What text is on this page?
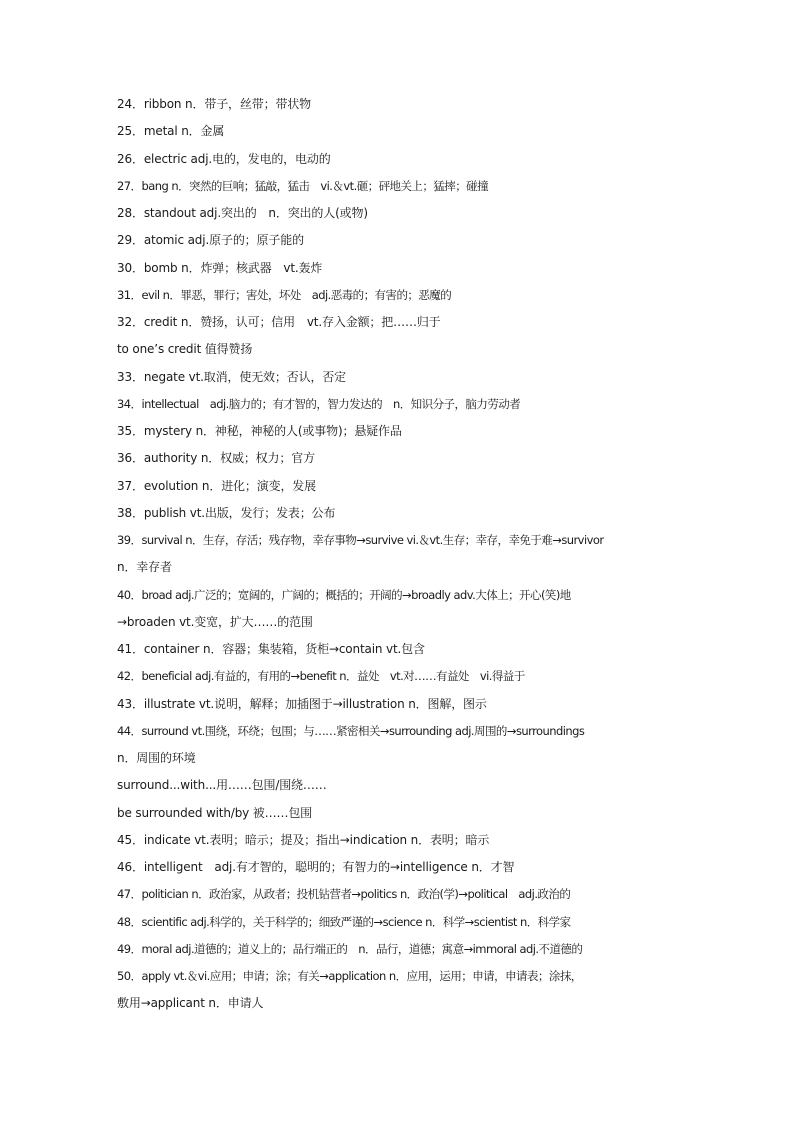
24．ribbon n．带子，丝带；带状物
25．metal n．金属
26．electric adj.电的，发电的，电动的
27．bang n．突然的巨响；猛敲，猛击　vi.＆vt.砸；砰地关上；猛摔；碰撞
28．standout adj.突出的　n．突出的人(或物)
29．atomic adj.原子的；原子能的
30．bomb n．炸弹；核武器　vt.轰炸
31．evil n．罪恶，罪行；害处，坏处　adj.恶毒的；有害的；恶魔的
32．credit n．赞扬，认可；信用　vt.存入金额；把……归于
to one’s credit 值得赞扬
33．negate vt.取消，使无效；否认，否定
34．intellectual　adj.脑力的；有才智的，智力发达的　n．知识分子，脑力劳动者
35．mystery n．神秘，神秘的人(或事物)；悬疑作品
36．authority n．权威；权力；官方
37．evolution n．进化；演变，发展
38．publish vt.出版，发行；发表；公布
39．survival n．生存，存活；残存物，幸存事物→survive vi.＆vt.生存；幸存，幸免于难→survivor
n．幸存者
40．broad adj.广泛的；宽阔的，广阔的；概括的；开阔的→broadly adv.大体上；开心(笑)地
→broaden vt.变宽，扩大……的范围
41．container n．容器；集装箱，货柜→contain vt.包含
42．beneficial adj.有益的，有用的→benefit n．益处　vt.对……有益处　vi.得益于
43．illustrate vt.说明，解释；加插图于→illustration n．图解，图示
44．surround vt.围绕，环绕；包围；与……紧密相关→surrounding adj.周围的→surroundings
n．周围的环境
surround...with...用……包围/围绕……
be surrounded with/by 被……包围
45．indicate vt.表明；暗示；提及；指出→indication n．表明；暗示
46．intelligent　adj.有才智的，聪明的；有智力的→intelligence n．才智
47．politician n．政治家，从政者；投机钻营者→politics n．政治(学)→political　adj.政治的
48．scientific adj.科学的，关于科学的；细致严谨的→science n．科学→scientist n．科学家
49．moral adj.道德的；道义上的；品行端正的　n．品行，道德；寓意→immoral adj.不道德的
50．apply vt.＆vi.应用；申请；涂；有关→application n．应用，运用；申请，申请表；涂抹，
敷用→applicant n．申请人
